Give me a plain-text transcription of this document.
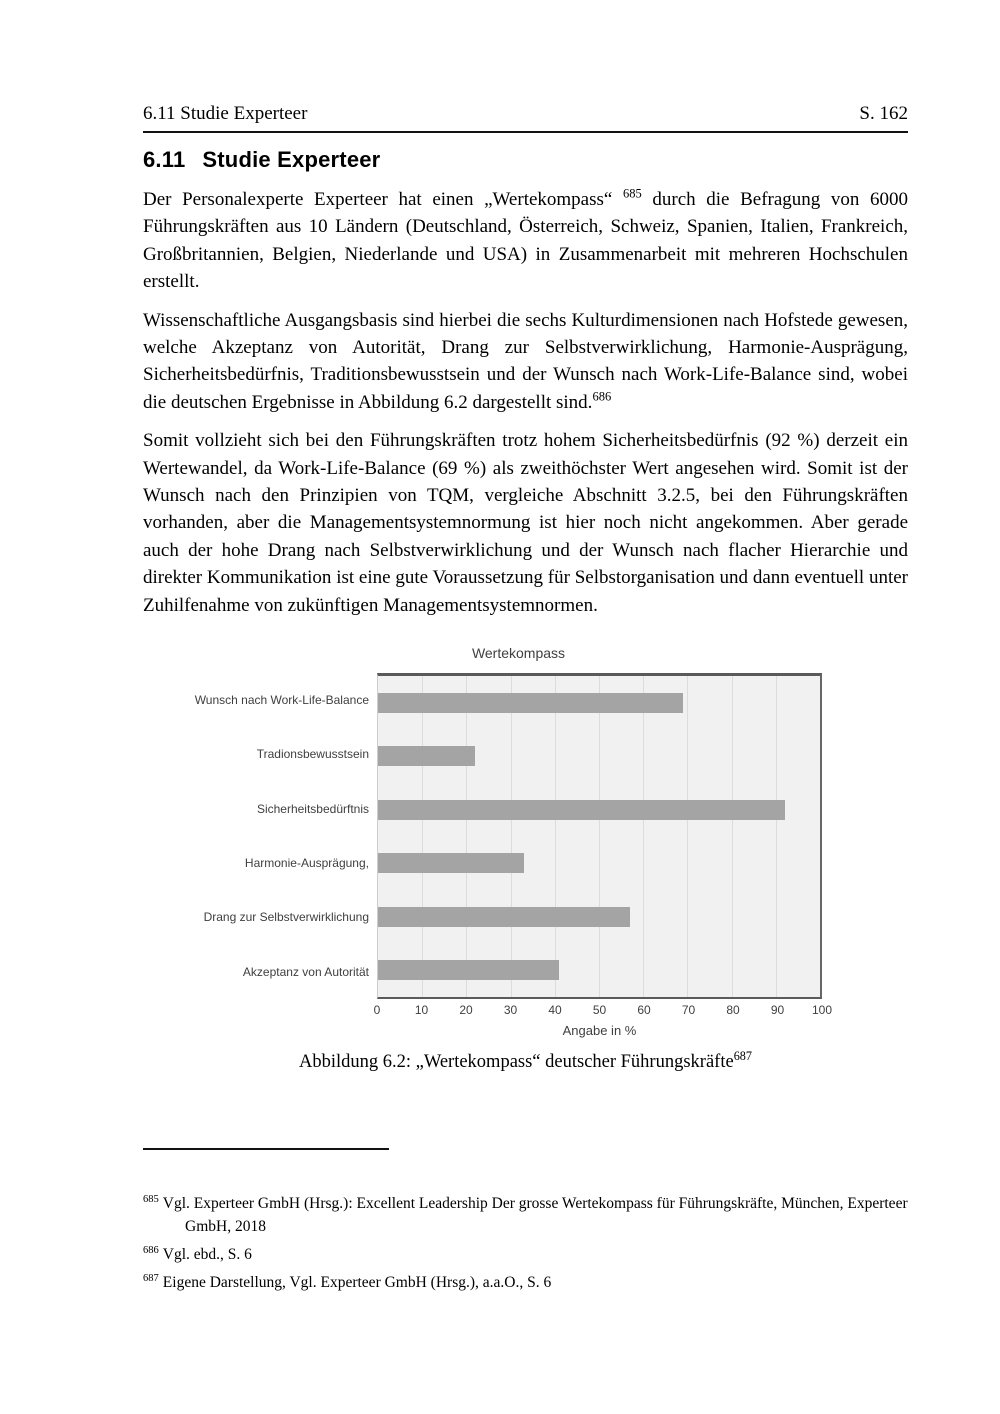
6.11 Studie Experteer	S. 162
6.11 Studie Experteer

Der Personalexperte Experteer hat einen „Wertekompass“ $^{685}$ durch die Befragung von 6000 Führungskräften aus 10 Ländern (Deutschland, Österreich, Schweiz, Spanien, Italien, Frankreich, Großbritannien, Belgien, Niederlande und USA) in Zusammenarbeit mit mehreren Hochschulen erstellt.

Wissenschaftliche Ausgangsbasis sind hierbei die sechs Kulturdimensionen nach Hofstede gewesen, welche Akzeptanz von Autorität, Drang zur Selbstverwirklichung, Harmonie-Ausprägung, Sicherheitsbedürfnis, Traditionsbewusstsein und der Wunsch nach Work-Life-Balance sind, wobei die deutschen Ergebnisse in Abbildung 6.2 dargestellt sind.$^{686}$

Somit vollzieht sich bei den Führungskräften trotz hohem Sicherheitsbedürfnis (92 %) derzeit ein Wertewandel, da Work-Life-Balance (69 %) als zweithöchster Wert angesehen wird. Somit ist der Wunsch nach den Prinzipien von TQM, vergleiche Abschnitt 3.2.5, bei den Führungskräften vorhanden, aber die Managementsystemnormung ist hier noch nicht angekommen. Aber gerade auch der hohe Drang nach Selbstverwirklichung und der Wunsch nach flacher Hierarchie und direkter Kommunikation ist eine gute Voraussetzung für Selbstorganisation und dann eventuell unter Zuhilfenahme von zukünftigen Managementsystemnormen.

Wertekompass
Wunsch nach Work-Life-Balance
Tradionsbewusstsein
Sicherheitsbedürftnis
Harmonie-Ausprägung,
Drang zur Selbstverwirklichung
Akzeptanz von Autorität
0	10	20	30	40	50	60	70	80	90 100
Angabe in %
Abbildung 6.2: „Wertekompass“ deutscher Führungskräfte$^{687}$
$^{685}$ Vgl. Experteer GmbH (Hrsg.): Excellent Leadership Der grosse Wertekompass für Führungskräfte, München, Experteer GmbH, 2018
$^{686}$ Vgl. ebd., S. 6
$^{687}$ Eigene Darstellung, Vgl. Experteer GmbH (Hrsg.), a.a.O., S. 6
